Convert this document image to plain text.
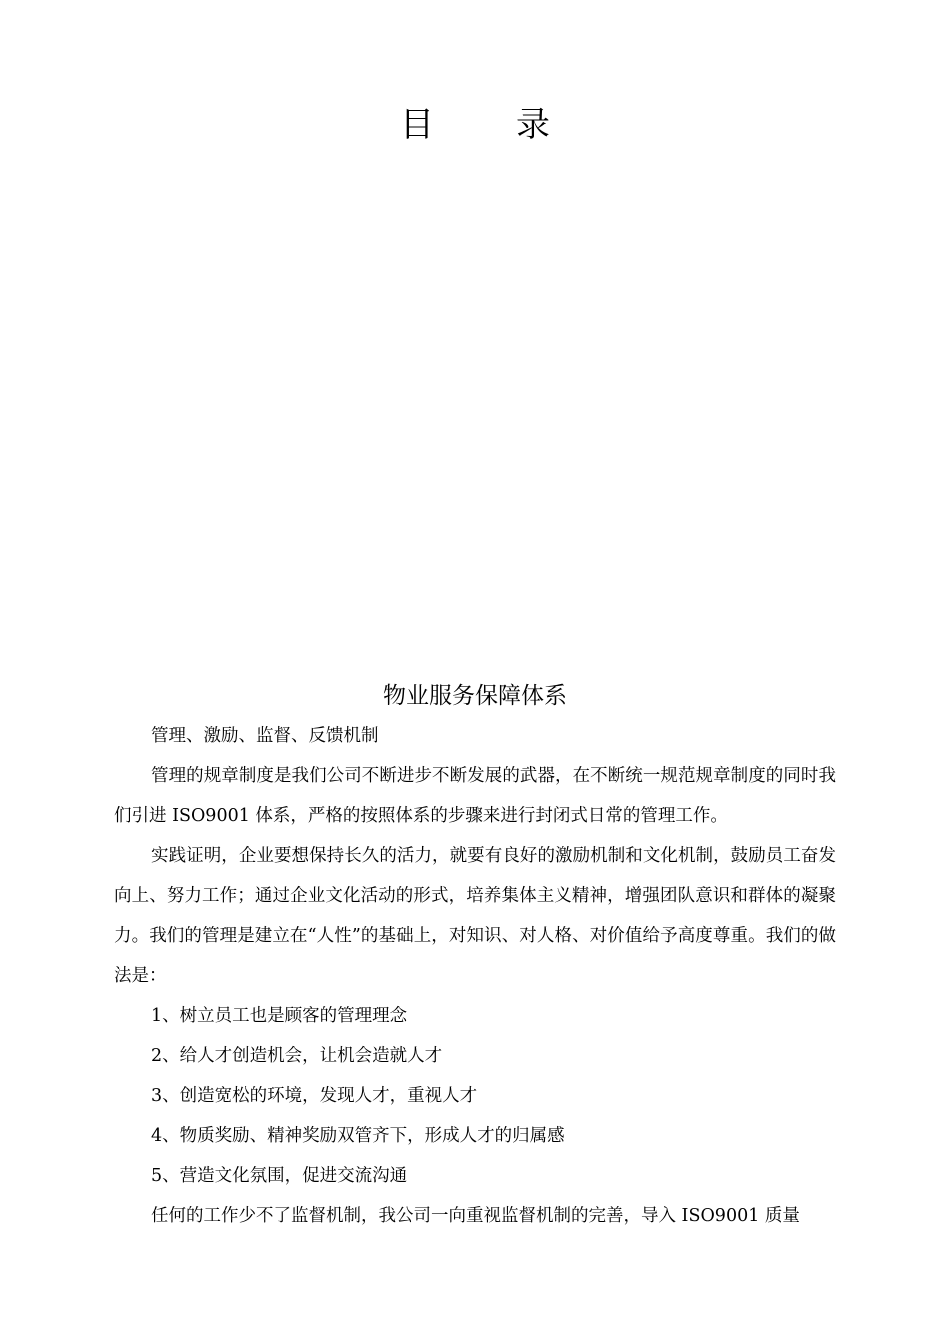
目录
物业服务保障体系

管理、激励、监督、反馈机制

管理的规章制度是我们公司不断进步不断发展的武器，在不断统一规范规章制度的同时我们引进 ISO9001 体系，严格的按照体系的步骤来进行封闭式日常的管理工作。

实践证明，企业要想保持长久的活力，就要有良好的激励机制和文化机制，鼓励员工奋发向上、努力工作；通过企业文化活动的形式，培养集体主义精神，增强团队意识和群体的凝聚力。我们的管理是建立在“人性”的基础上，对知识、对人格、对价值给予高度尊重。我们的做法是：

1、树立员工也是顾客的管理理念

2、给人才创造机会，让机会造就人才

3、创造宽松的环境，发现人才，重视人才

4、物质奖励、精神奖励双管齐下，形成人才的归属感

5、营造文化氛围，促进交流沟通

任何的工作少不了监督机制，我公司一向重视监督机制的完善，导入 ISO9001 质量
